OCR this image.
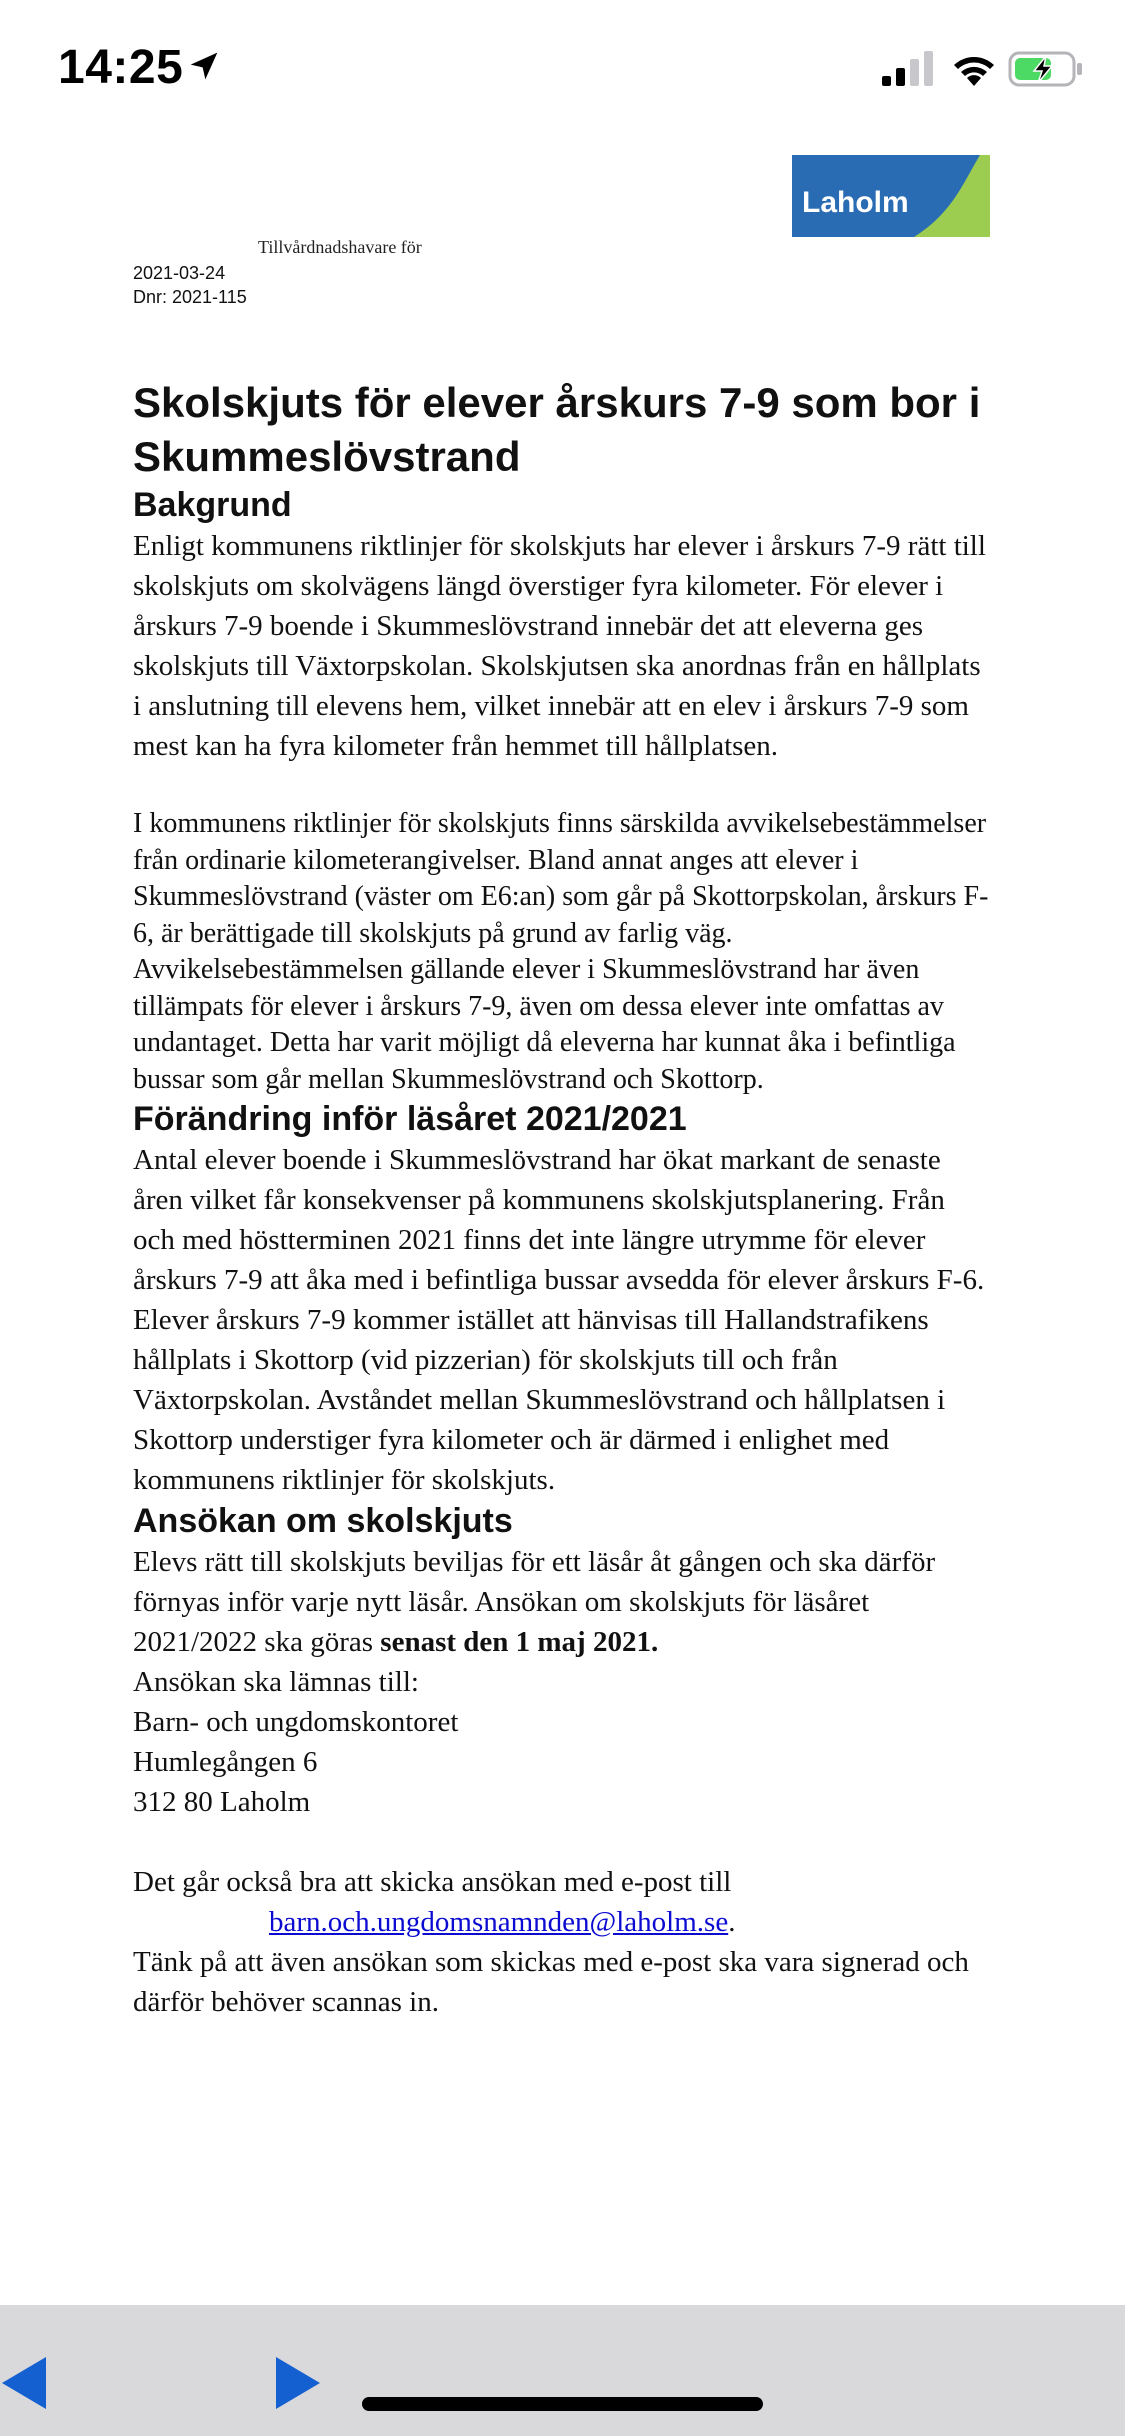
14:25
Laholm
Tillvårdnadshavare för
2021-03-24
Dnr: 2021-115
Skolskjuts för elever årskurs 7-9 som bor i Skummeslövstrand
Bakgrund

Enligt kommunens riktlinjer för skolskjuts har elever i årskurs 7-9 rätt till skolskjuts om skolvägens längd överstiger fyra kilometer. För elever i årskurs 7-9 boende i Skummeslövstrand innebär det att eleverna ges skolskjuts till Växtorpskolan. Skolskjutsen ska anordnas från en hållplats i anslutning till elevens hem, vilket innebär att en elev i årskurs 7-9 som mest kan ha fyra kilometer från hemmet till hållplatsen.

I kommunens riktlinjer för skolskjuts finns särskilda avvikelsebestämmelser från ordinarie kilometerangivelser. Bland annat anges att elever i Skummeslövstrand (väster om E6:an) som går på Skottorpskolan, årskurs F-6, är berättigade till skolskjuts på grund av farlig väg. Avvikelsebestämmelsen gällande elever i Skummeslövstrand har även tillämpats för elever i årskurs 7-9, även om dessa elever inte omfattas av undantaget. Detta har varit möjligt då eleverna har kunnat åka i befintliga bussar som går mellan Skummeslövstrand och Skottorp.

Förändring inför läsåret 2021/2021

Antal elever boende i Skummeslövstrand har ökat markant de senaste åren vilket får konsekvenser på kommunens skolskjutsplanering. Från och med höstterminen 2021 finns det inte längre utrymme för elever årskurs 7-9 att åka med i befintliga bussar avsedda för elever årskurs F-6. Elever årskurs 7-9 kommer istället att hänvisas till Hallandstrafikens hållplats i Skottorp (vid pizzerian) för skolskjuts till och från Växtorpskolan. Avståndet mellan Skummeslövstrand och hållplatsen i Skottorp understiger fyra kilometer och är därmed i enlighet med kommunens riktlinjer för skolskjuts.

Ansökan om skolskjuts

Elevs rätt till skolskjuts beviljas för ett läsår åt gången och ska därför förnyas inför varje nytt läsår. Ansökan om skolskjuts för läsåret 2021/2022 ska göras senast den 1 maj 2021.

Ansökan ska lämnas till:

Barn- och ungdomskontoret

Humlegången 6

312 80 Laholm

Det går också bra att skicka ansökan med e-post till

barn.och.ungdomsnamnden@laholm.se.

Tänk på att även ansökan som skickas med e-post ska vara signerad och därför behöver scannas in.
